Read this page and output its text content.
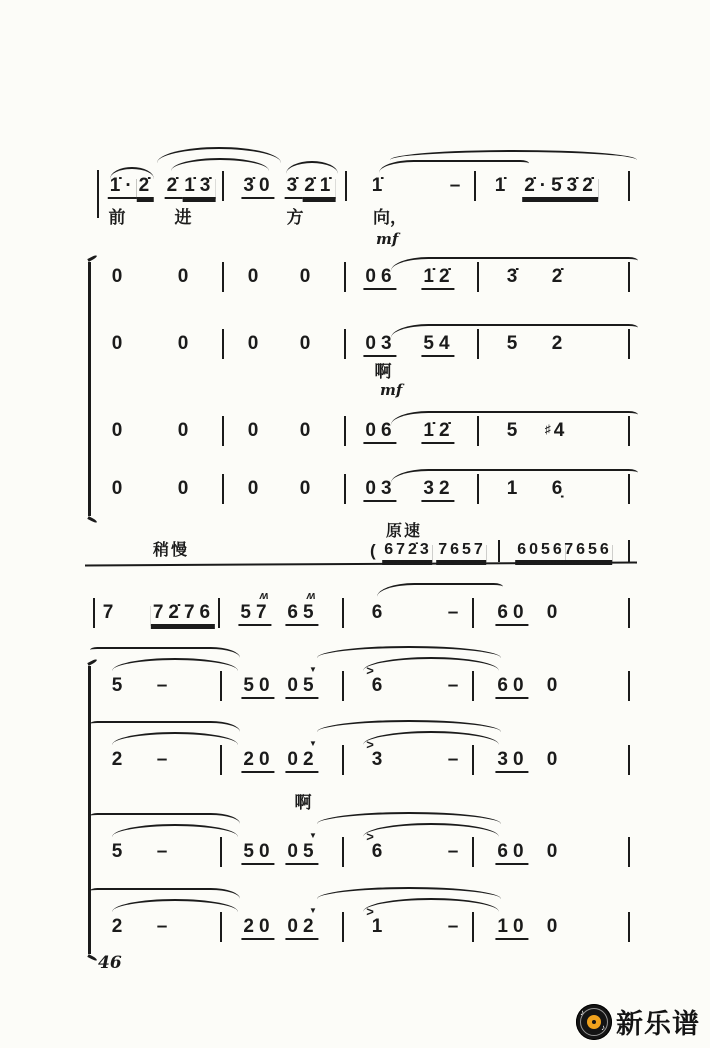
1̇· 2̇ 2̇ 1̇3̇ 3̇0 3̇ 2̇1̇ 1̇	– 1̇ 2̇·5̇3̇2̇
前	进	方	向，
mf
0	0	0 0	06 1̇2̇	3̇ 2̇
0	0	0 0	03 54	5 2
啊
mf
0	0	0 0	06 1̇2̇	5 ♯ 4
0	0	0 0	03 32	1 6̣
稍慢
原速
( 672̇3 7657 6056 7656
7 72̇76
ʍ
57
ʍ
65	6	– 60 0
5 –	50
▼
05
>
6	– 60 0
2 –	20
▼
02
>
3	– 30 0
啊
5 –	50
▼
05
>
6	– 60 0
2 –	20
▼
02
>
1	– 10 0
46
♪
♪ 新乐谱
